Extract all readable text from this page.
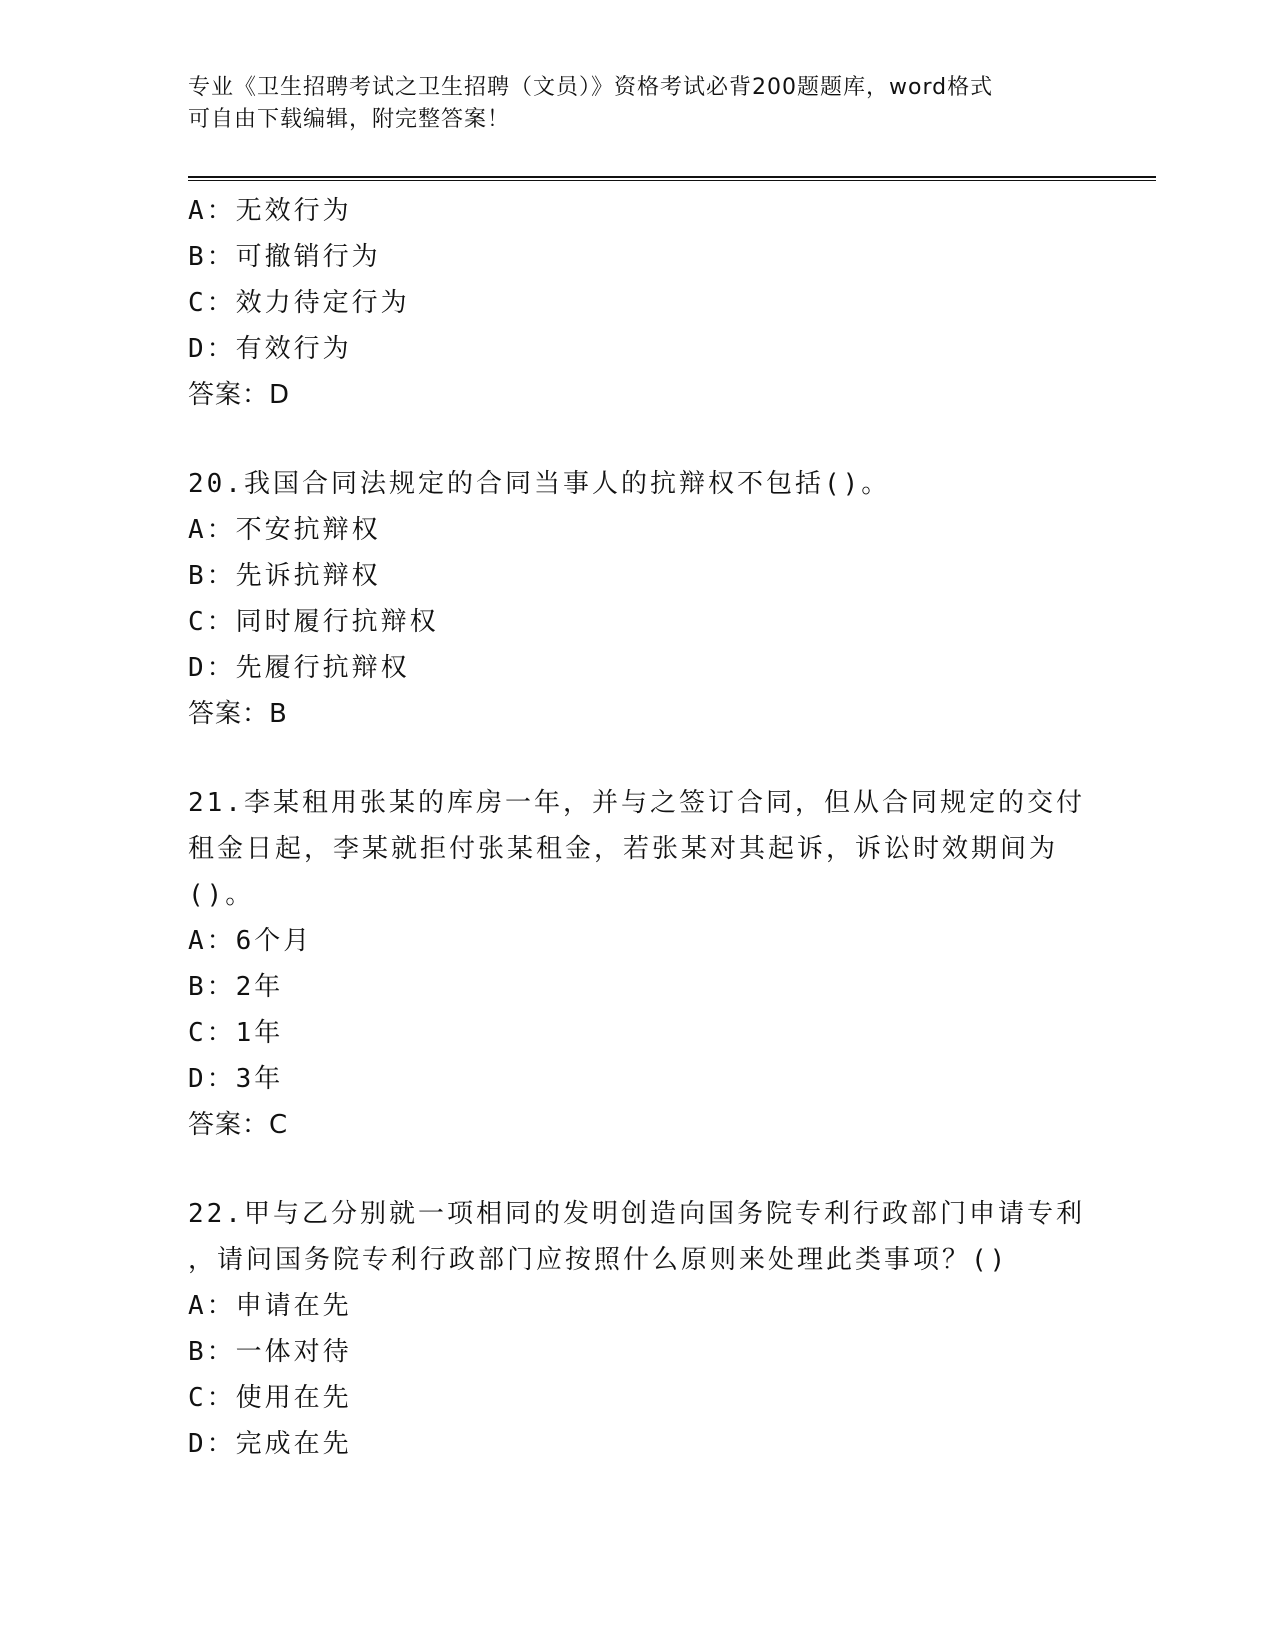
专业《卫生招聘考试之卫生招聘（文员）》资格考试必背200题题库，word格式
可自由下载编辑，附完整答案！
A：无效行为
B：可撤销行为
C：效力待定行为
D：有效行为
答案：D
20.我国合同法规定的合同当事人的抗辩权不包括()。
A：不安抗辩权
B：先诉抗辩权
C：同时履行抗辩权
D：先履行抗辩权
答案：B
21.李某租用张某的库房一年，并与之签订合同，但从合同规定的交付
租金日起，李某就拒付张某租金，若张某对其起诉，诉讼时效期间为
()。
A：6个月
B：2年
C：1年
D：3年
答案：C
22.甲与乙分别就一项相同的发明创造向国务院专利行政部门申请专利
，请问国务院专利行政部门应按照什么原则来处理此类事项？()
A：申请在先
B：一体对待
C：使用在先
D：完成在先
